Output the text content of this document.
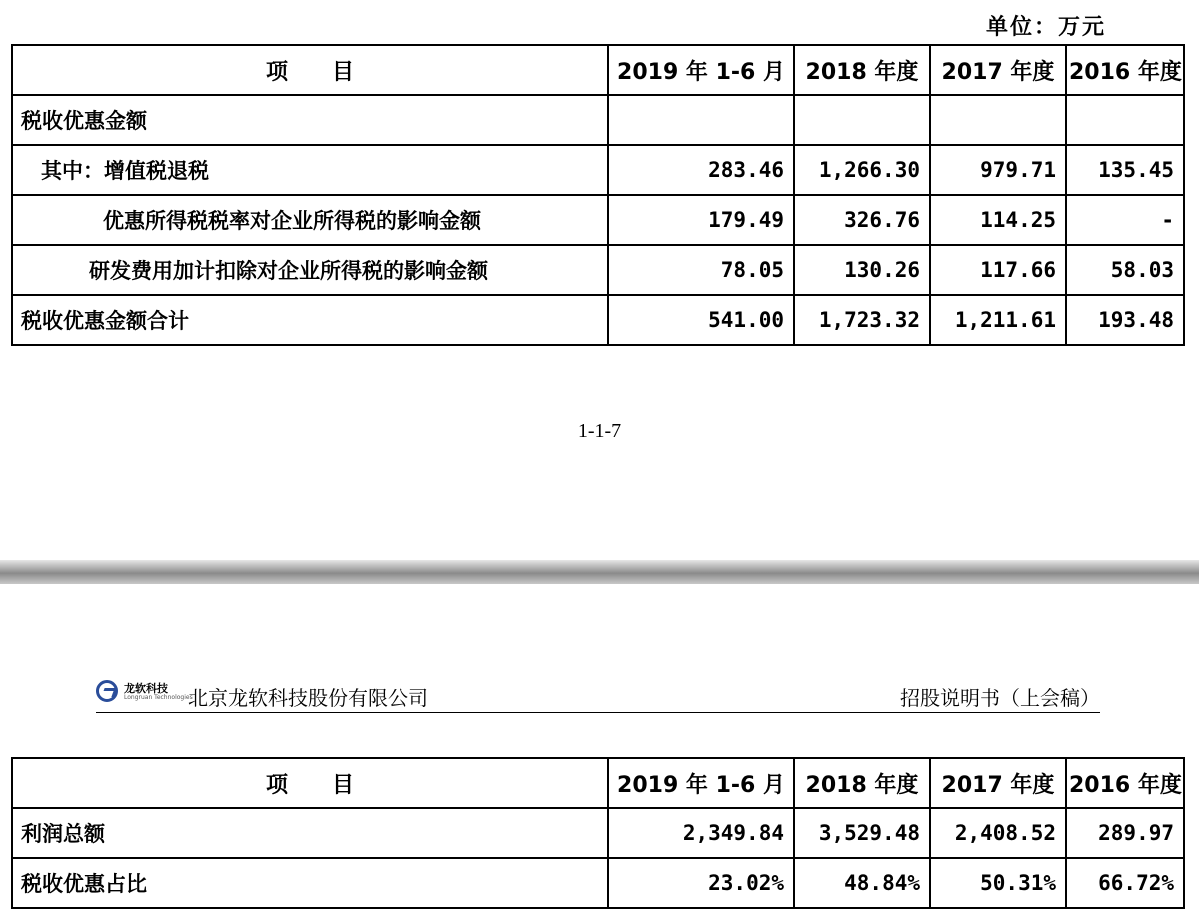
单位：万元
项　　目	2019 年 1-6 月	2018 年度	2017 年度	2016 年度
税收优惠金额				
其中：增值税退税	283.46	1,266.30	979.71	135.45
优惠所得税税率对企业所得税的影响金额	179.49	326.76	114.25	-
研发费用加计扣除对企业所得税的影响金额	78.05	130.26	117.66	58.03
税收优惠金额合计	541.00	1,723.32	1,211.61	193.48
1-1-7
龙软科技
Longruan Technologies
北京龙软科技股份有限公司	招股说明书（上会稿）
项　　目	2019 年 1-6 月	2018 年度	2017 年度	2016 年度
利润总额	2,349.84	3,529.48	2,408.52	289.97
税收优惠占比	23.02%	48.84%	50.31%	66.72%
